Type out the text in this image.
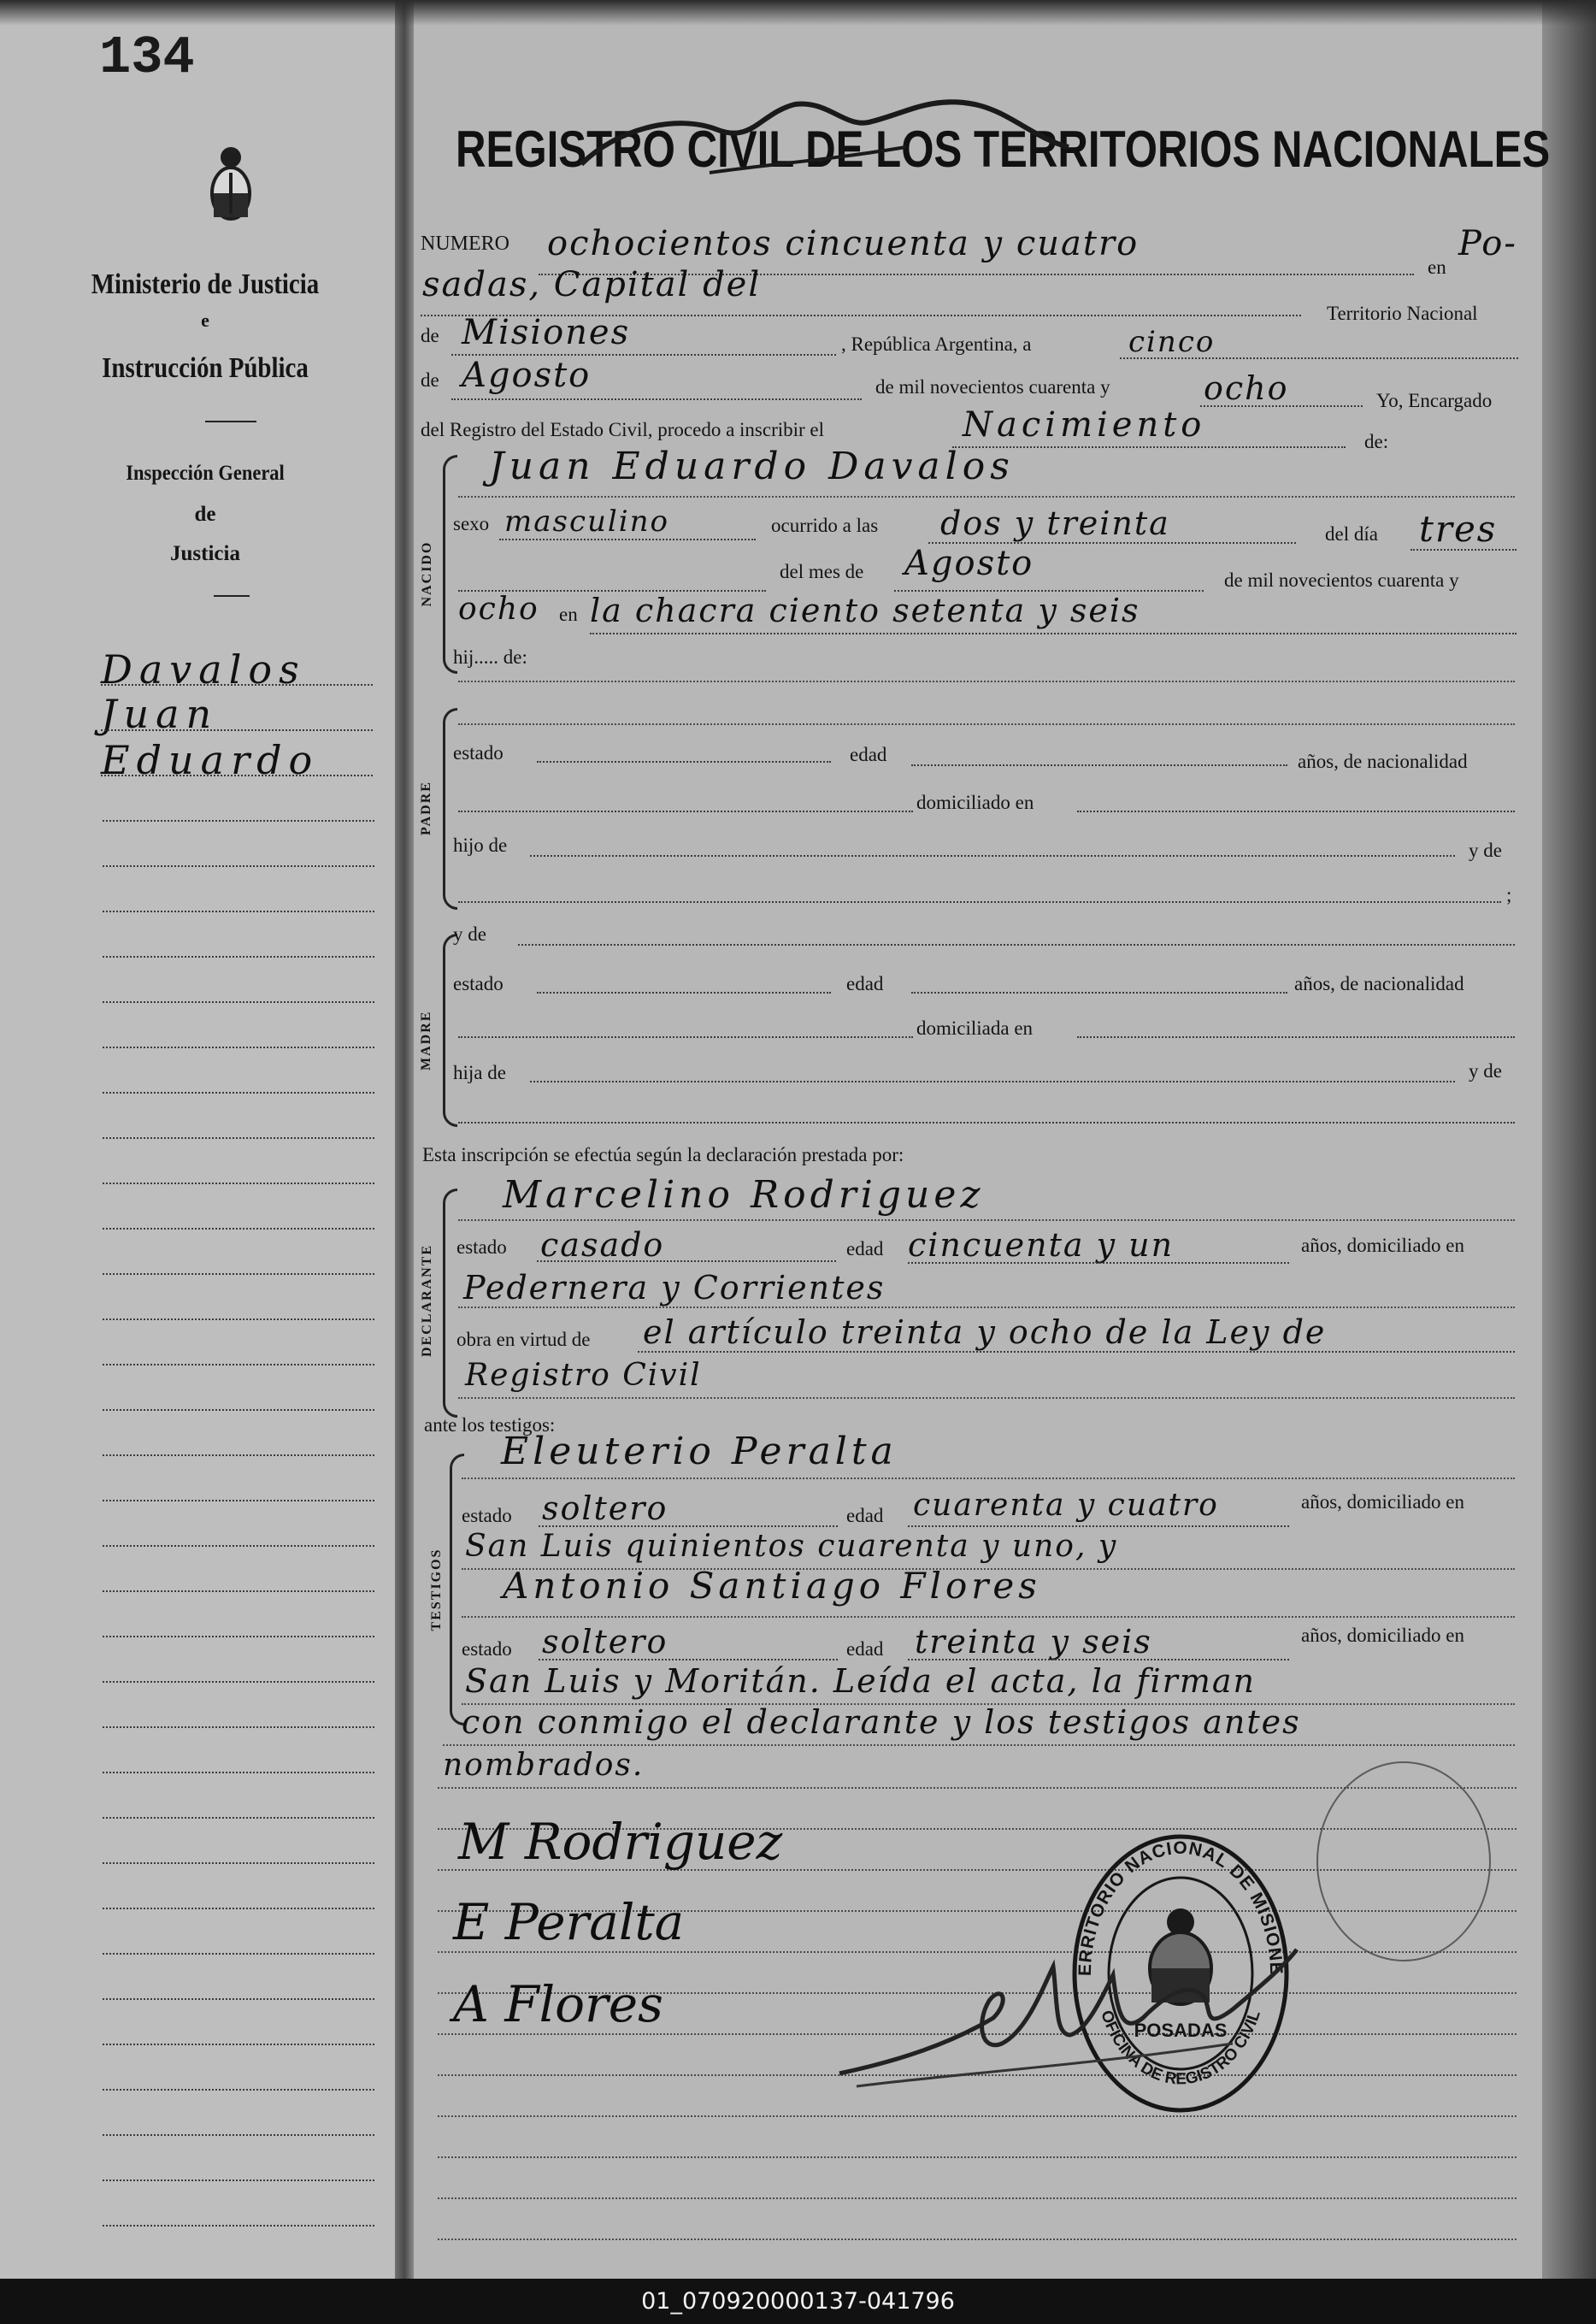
134
Ministerio de Justicia
e
Instrucción Pública
Inspección General
de
Justicia
Davalos
Juan
Eduardo
REGISTRO CIVIL DE LOS TERRITORIOS NACIONALES
NUMERO ochocientos cincuenta y cuatro
en
Po-
sadas, Capital del
Territorio Nacional
de Misiones	, República Argentina, a	cinco
de Agosto	de mil novecientos cuarenta y	ocho	Yo, Encargado
del Registro del Estado Civil, procedo a inscribir el	Nacimiento	de:
NACIDO
Juan Eduardo Davalos
sexo masculino	ocurrido a las dos y treinta	del día tres
del mes de Agosto	de mil novecientos cuarenta y
ocho en la chacra ciento setenta y seis
hij..... de:
PADRE
estado	edad	años, de nacionalidad
domiciliado en
hijo de	y de
;
MADRE
y de
estado	edad	años, de nacionalidad
domiciliada en
hija de	y de
Esta inscripción se efectúa según la declaración prestada por:
DECLARANTE
Marcelino Rodriguez
estado casado	edad cincuenta y un	años, domiciliado en
Pedernera y Corrientes
obra en virtud de el artículo treinta y ocho de la Ley de
Registro Civil
ante los testigos:
TESTIGOS
Eleuterio Peralta
estado soltero	edad cuarenta y cuatro	años, domiciliado en
San Luis quinientos cuarenta y uno, y
Antonio Santiago Flores
estado soltero	edad treinta y seis	años, domiciliado en
San Luis y Moritán. Leída el acta, la firman
con conmigo el declarante y los testigos antes
nombrados.
M Rodriguez
E Peralta
A Flores
ERRITORIO NACIONAL DE MISIONE
OFICINA DE REGISTRO CIVIL
POSADAS
01_070920000137-041796
